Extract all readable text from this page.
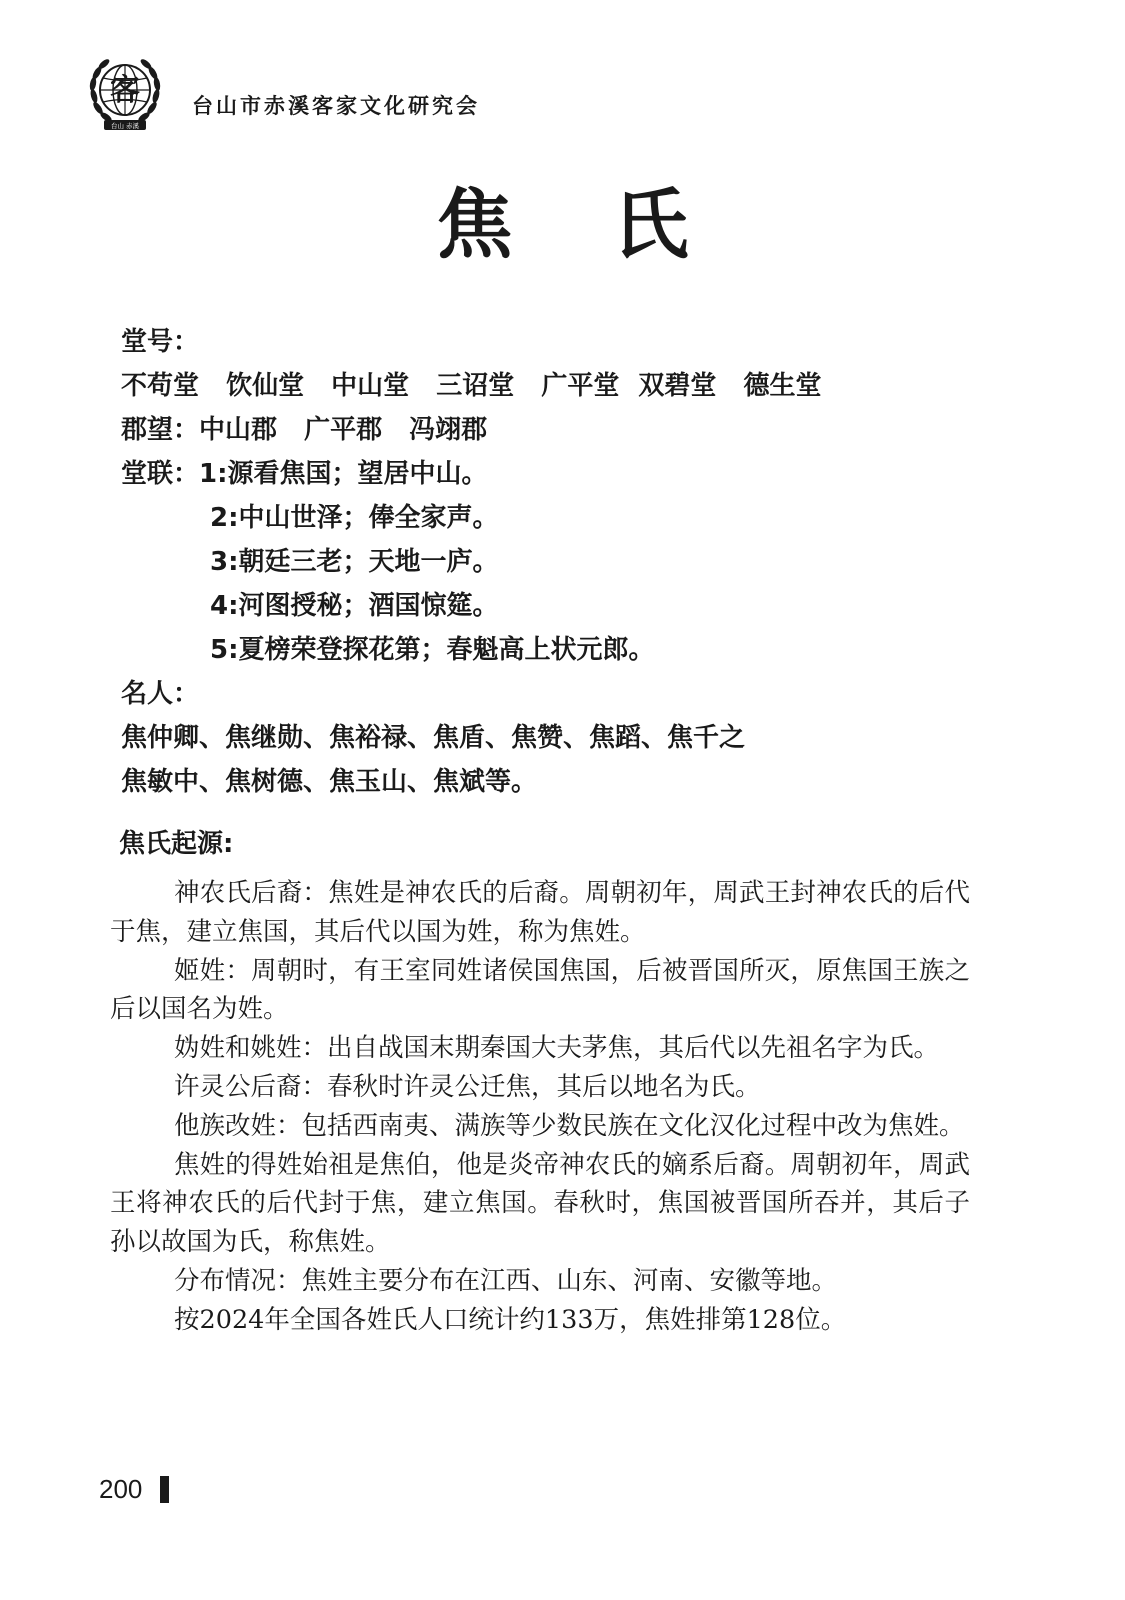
客
台山 赤溪
台山市赤溪客家文化研究会
焦氏
堂号：
不苟堂 饮仙堂 中山堂 三诏堂 广平堂 双碧堂 德生堂
郡望：中山郡 广平郡 冯翊郡
堂联：1:源看焦国；望居中山。
2:中山世泽；俸全家声。
3:朝廷三老；天地一庐。
4:河图授秘；酒国惊筵。
5:夏榜荣登探花第；春魁高上状元郎。
名人：
焦仲卿、焦继勋、焦裕禄、焦盾、焦赞、焦蹈、焦千之
焦敏中、焦树德、焦玉山、焦斌等。
焦氏起源:

神农氏后裔：焦姓是神农氏的后裔。周朝初年，周武王封神农氏的后代于焦，建立焦国，其后代以国为姓，称为焦姓。

姬姓：周朝时，有王室同姓诸侯国焦国，后被晋国所灭，原焦国王族之后以国名为姓。

妫姓和姚姓：出自战国末期秦国大夫茅焦，其后代以先祖名字为氏。

许灵公后裔：春秋时许灵公迁焦，其后以地名为氏。

他族改姓：包括西南夷、满族等少数民族在文化汉化过程中改为焦姓。

焦姓的得姓始祖是焦伯，他是炎帝神农氏的嫡系后裔。周朝初年，周武王将神农氏的后代封于焦，建立焦国。春秋时，焦国被晋国所吞并，其后子孙以故国为氏，称焦姓。

分布情况：焦姓主要分布在江西、山东、河南、安徽等地。

按2024年全国各姓氏人口统计约133万，焦姓排第128位。

200
